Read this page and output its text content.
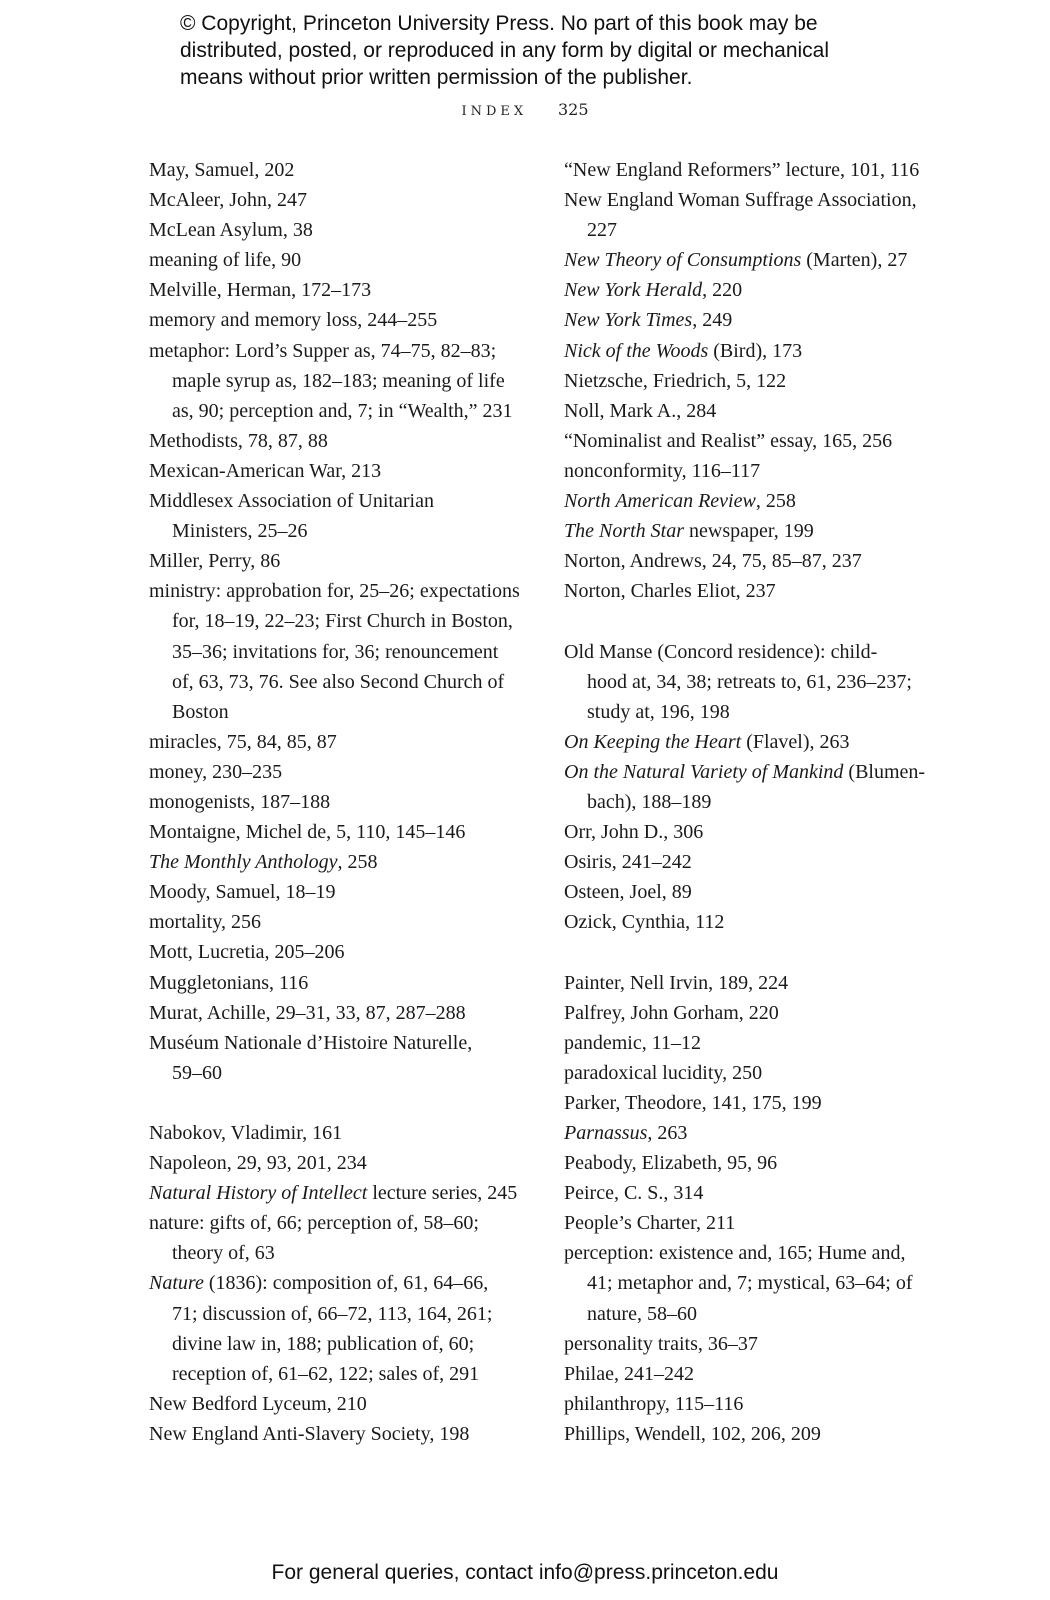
© Copyright, Princeton University Press. No part of this book may be
distributed, posted, or reproduced in any form by digital or mechanical
means without prior written permission of the publisher.
INDEX 325
May, Samuel, 202
McAleer, John, 247
McLean Asylum, 38
meaning of life, 90
Melville, Herman, 172–173
memory and memory loss, 244–255
metaphor: Lord’s Supper as, 74–75, 82–83;
maple syrup as, 182–183; meaning of life
as, 90; perception and, 7; in “Wealth,” 231
Methodists, 78, 87, 88
Mexican-American War, 213
Middlesex Association of Unitarian
Ministers, 25–26
Miller, Perry, 86
ministry: approbation for, 25–26; expectations
for, 18–19, 22–23; First Church in Boston,
35–36; invitations for, 36; renouncement
of, 63, 73, 76. See also Second Church of
Boston
miracles, 75, 84, 85, 87
money, 230–235
monogenists, 187–188
Montaigne, Michel de, 5, 110, 145–146
The Monthly Anthology, 258
Moody, Samuel, 18–19
mortality, 256
Mott, Lucretia, 205–206
Muggletonians, 116
Murat, Achille, 29–31, 33, 87, 287–288
Muséum Nationale d’Histoire Naturelle,
59–60
Nabokov, Vladimir, 161
Napoleon, 29, 93, 201, 234
Natural History of Intellect lecture series, 245
nature: gifts of, 66; perception of, 58–60;
theory of, 63
Nature (1836): composition of, 61, 64–66,
71; discussion of, 66–72, 113, 164, 261;
divine law in, 188; publication of, 60;
reception of, 61–62, 122; sales of, 291
New Bedford Lyceum, 210
New England Anti-Slavery Society, 198
“New England Reformers” lecture, 101, 116
New England Woman Suffrage Association,
227
New Theory of Consumptions (Marten), 27
New York Herald, 220
New York Times, 249
Nick of the Woods (Bird), 173
Nietzsche, Friedrich, 5, 122
Noll, Mark A., 284
“Nominalist and Realist” essay, 165, 256
nonconformity, 116–117
North American Review, 258
The North Star newspaper, 199
Norton, Andrews, 24, 75, 85–87, 237
Norton, Charles Eliot, 237
Old Manse (Concord residence): child-
hood at, 34, 38; retreats to, 61, 236–237;
study at, 196, 198
On Keeping the Heart (Flavel), 263
On the Natural Variety of Mankind (Blumen-
bach), 188–189
Orr, John D., 306
Osiris, 241–242
Osteen, Joel, 89
Ozick, Cynthia, 112
Painter, Nell Irvin, 189, 224
Palfrey, John Gorham, 220
pandemic, 11–12
paradoxical lucidity, 250
Parker, Theodore, 141, 175, 199
Parnassus, 263
Peabody, Elizabeth, 95, 96
Peirce, C. S., 314
People’s Charter, 211
perception: existence and, 165; Hume and,
41; metaphor and, 7; mystical, 63–64; of
nature, 58–60
personality traits, 36–37
Philae, 241–242
philanthropy, 115–116
Phillips, Wendell, 102, 206, 209
For general queries, contact info@press.princeton.edu
